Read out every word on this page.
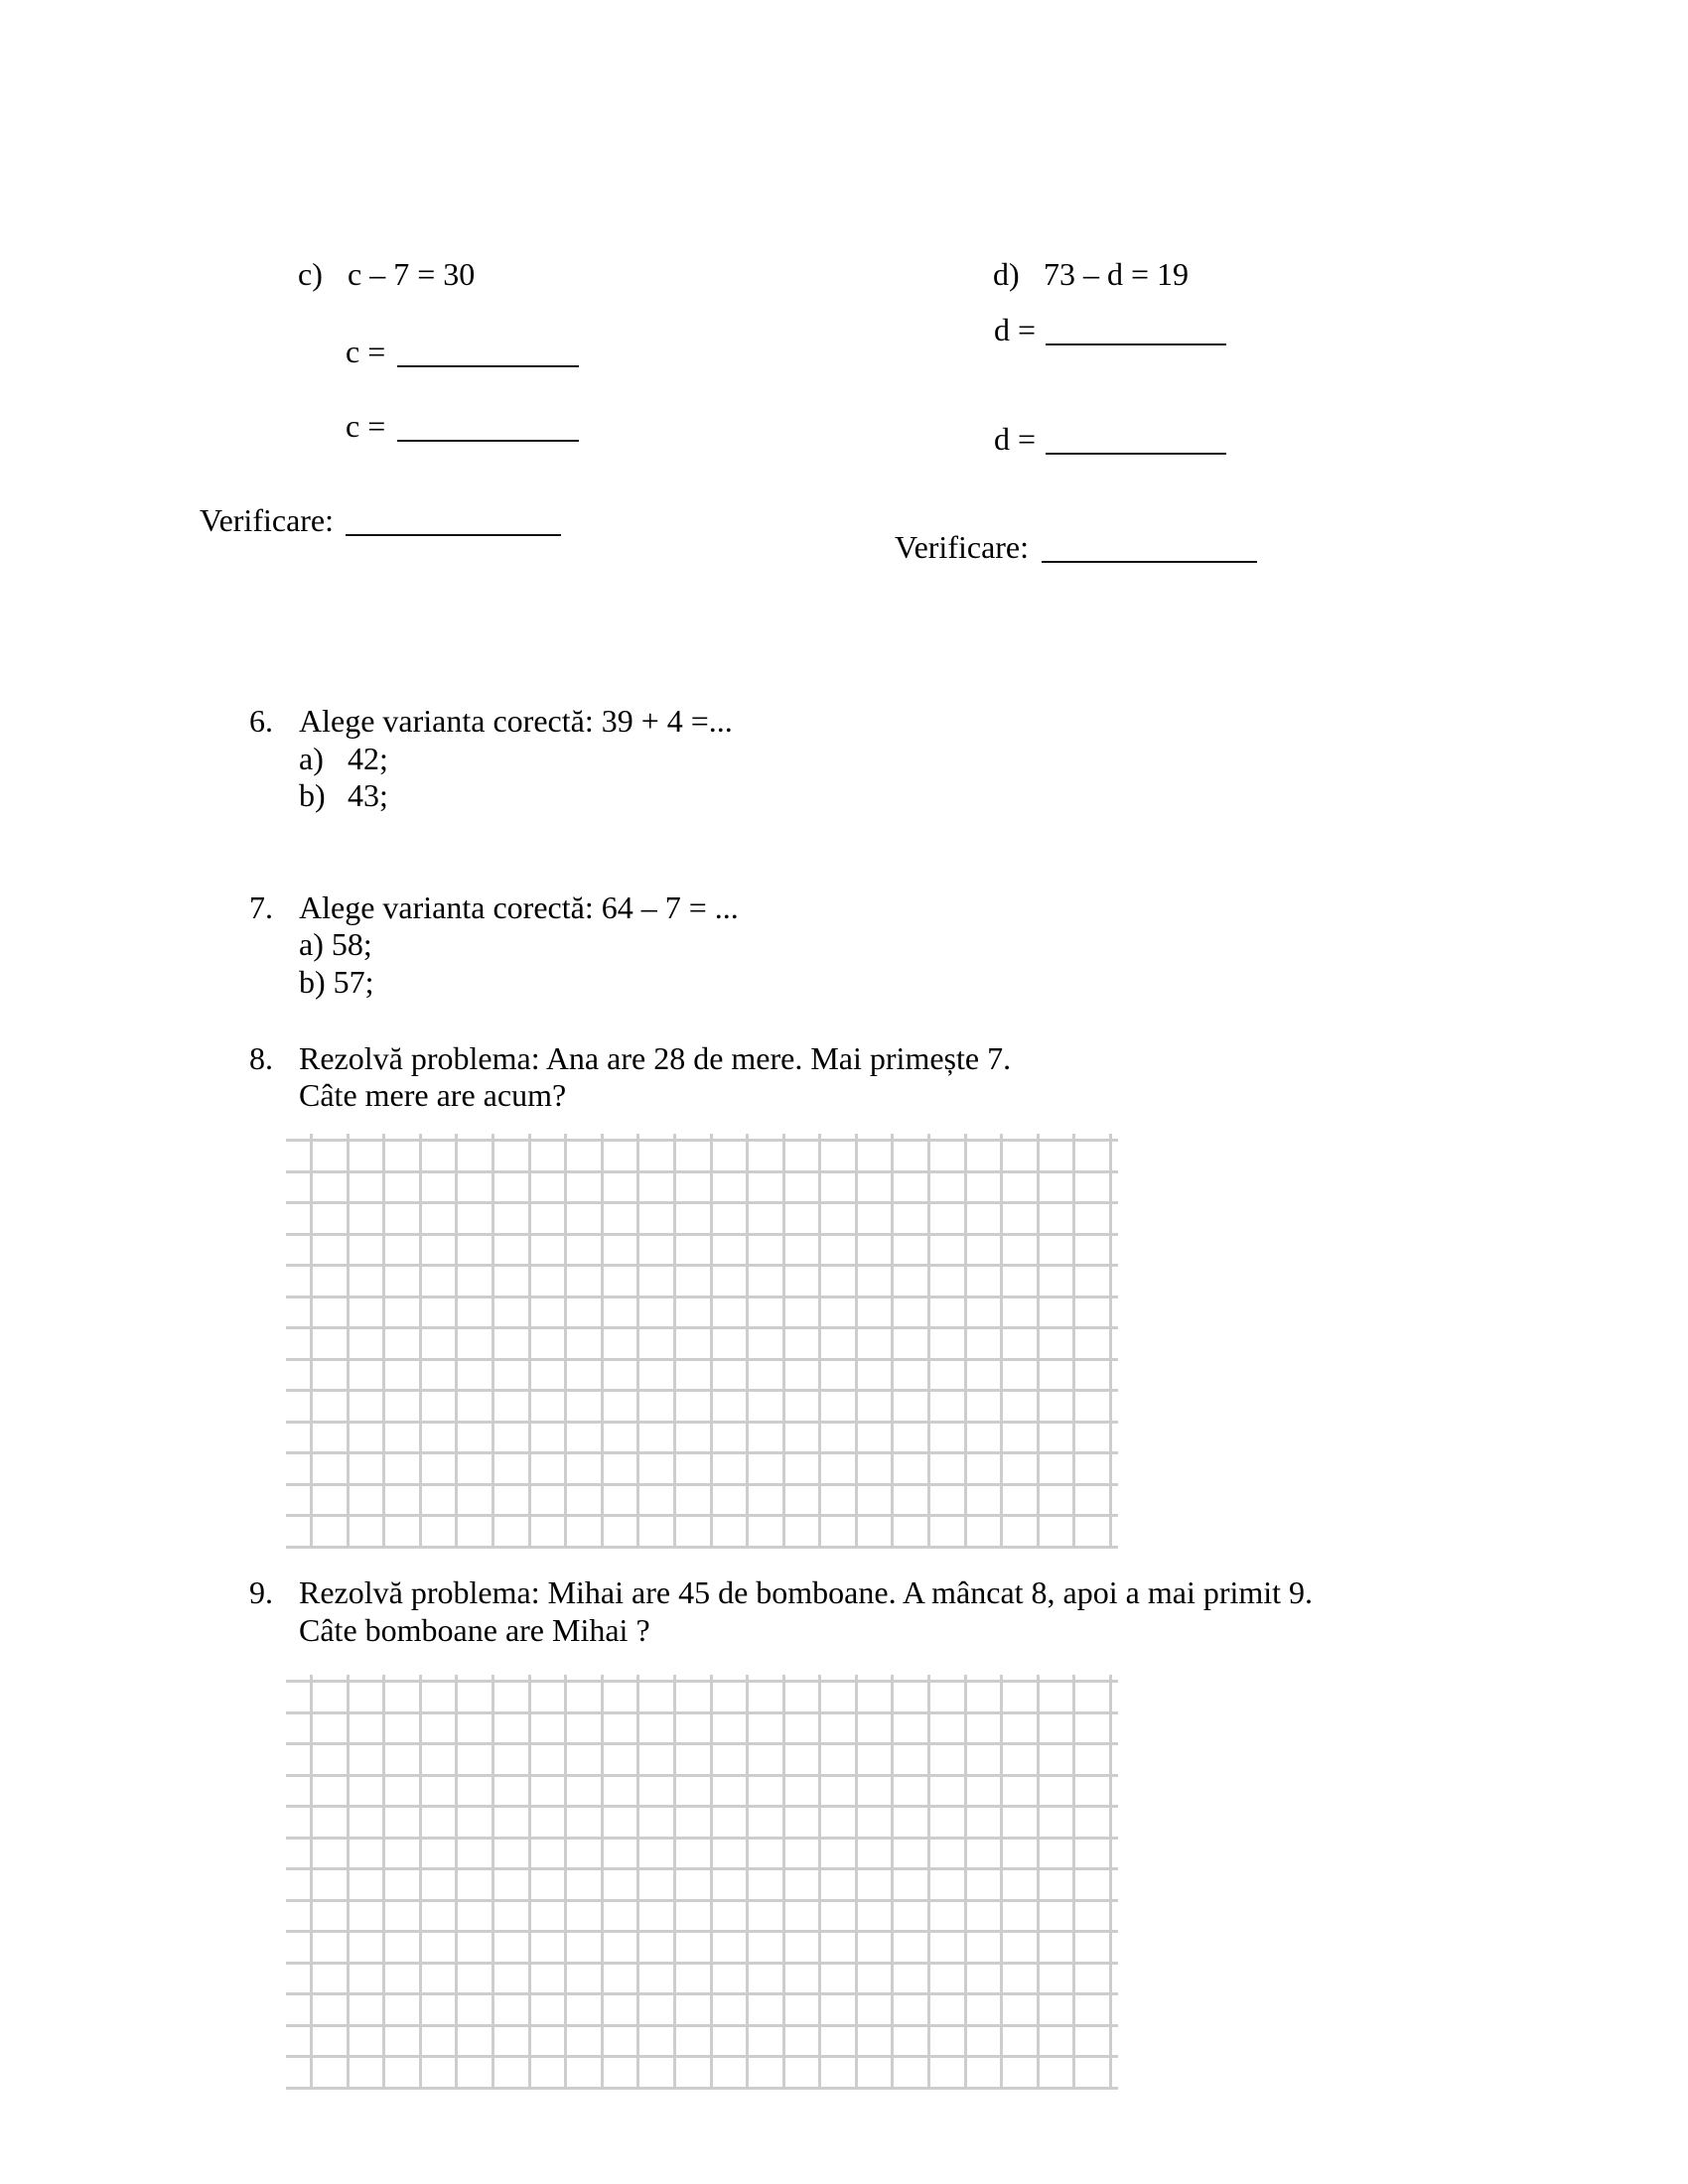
c) c – 7 = 30
c =
c =
Verificare:
d) 73 – d = 19
d =
d =
Verificare:
6. Alege varianta corectă: 39 + 4 =...
a) 42;
b) 43;
7. Alege varianta corectă: 64 – 7 = ...
a) 58;
b) 57;
8. Rezolvă problema: Ana are 28 de mere. Mai primește 7.
Câte mere are acum?
9. Rezolvă problema: Mihai are 45 de bomboane. A mâncat 8, apoi a mai primit 9.
Câte bomboane are Mihai ?
